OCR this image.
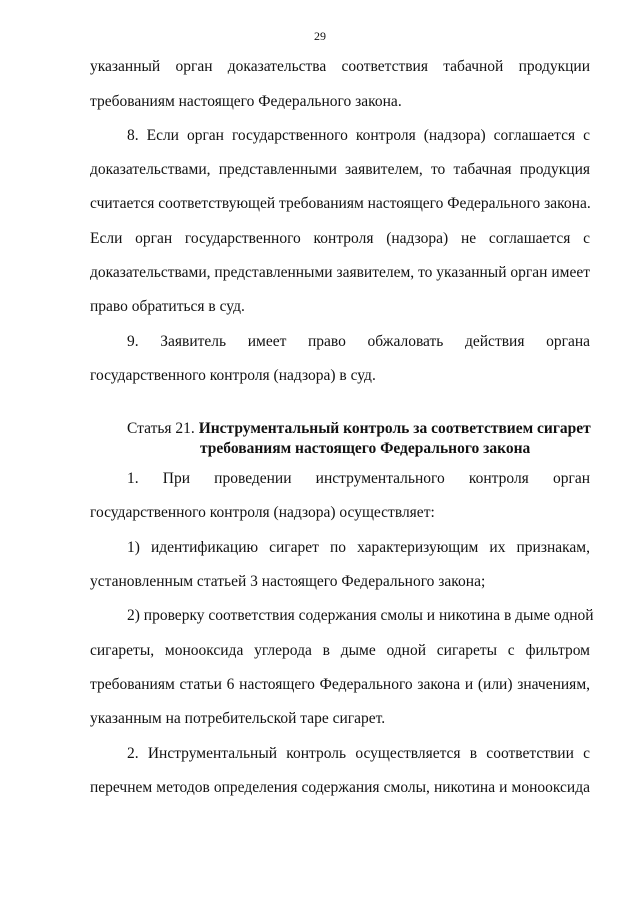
29
указанный орган доказательства соответствия табачной продукции
требованиям настоящего Федерального закона.
8. Если орган государственного контроля (надзора) соглашается с
доказательствами, представленными заявителем, то табачная продукция
считается соответствующей требованиям настоящего Федерального закона.
Если орган государственного контроля (надзора) не соглашается с
доказательствами, представленными заявителем, то указанный орган имеет
право обратиться в суд.
9. Заявитель имеет право обжаловать действия органа
государственного контроля (надзора) в суд.
Статья 21. Инструментальный контроль за соответствием сигарет
требованиям настоящего Федерального закона
1. При проведении инструментального контроля орган
государственного контроля (надзора) осуществляет:
1) идентификацию сигарет по характеризующим их признакам,
установленным статьей 3 настоящего Федерального закона;
2) проверку соответствия содержания смолы и никотина в дыме одной
сигареты, монооксида углерода в дыме одной сигареты с фильтром
требованиям статьи 6 настоящего Федерального закона и (или) значениям,
указанным на потребительской таре сигарет.
2. Инструментальный контроль осуществляется в соответствии с
перечнем методов определения содержания смолы, никотина и монооксида
